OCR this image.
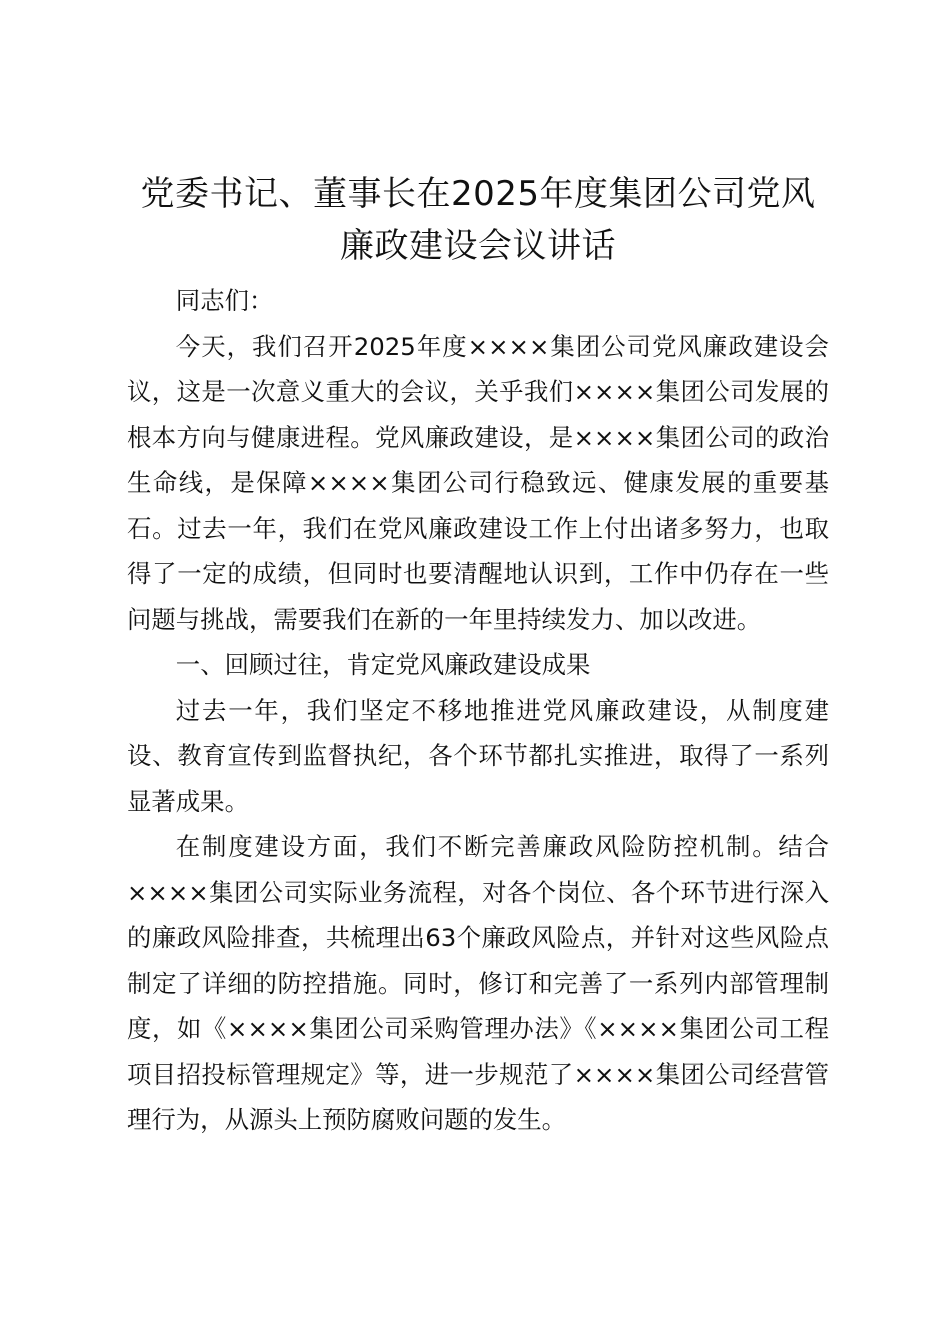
党委书记、董事长在2025年度集团公司党风
廉政建设会议讲话

同志们：

今天，我们召开2025年度××××集团公司党风廉政建设会议，这是一次意义重大的会议，关乎我们××××集团公司发展的根本方向与健康进程。党风廉政建设，是××××集团公司的政治生命线，是保障××××集团公司行稳致远、健康发展的重要基石。过去一年，我们在党风廉政建设工作上付出诸多努力，也取得了一定的成绩，但同时也要清醒地认识到，工作中仍存在一些问题与挑战，需要我们在新的一年里持续发力、加以改进。

一、回顾过往，肯定党风廉政建设成果

过去一年，我们坚定不移地推进党风廉政建设，从制度建设、教育宣传到监督执纪，各个环节都扎实推进，取得了一系列显著成果。

在制度建设方面，我们不断完善廉政风险防控机制。结合××××集团公司实际业务流程，对各个岗位、各个环节进行深入的廉政风险排查，共梳理出63个廉政风险点，并针对这些风险点制定了详细的防控措施。同时，修订和完善了一系列内部管理制度，如《××××集团公司采购管理办法》《××××集团公司工程项目招投标管理规定》等，进一步规范了××××集团公司经营管理行为，从源头上预防腐败问题的发生。
